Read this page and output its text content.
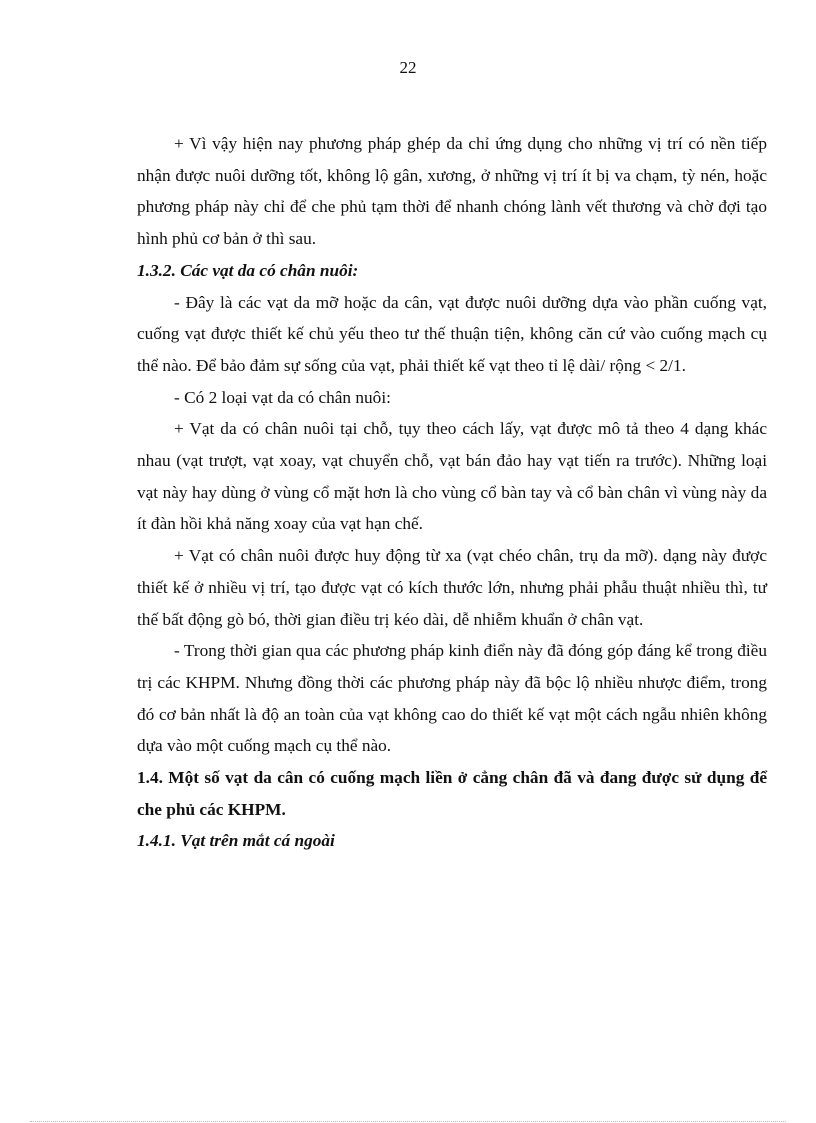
22

+ Vì vậy hiện nay phương pháp ghép da chỉ ứng dụng cho những vị trí có nền tiếp nhận được nuôi dưỡng tốt, không lộ gân, xương, ở những vị trí ít bị va chạm, tỳ nén, hoặc phương pháp này chỉ để che phủ tạm thời để nhanh chóng lành vết thương và chờ đợi tạo hình phủ cơ bản ở thì sau.

1.3.2. Các vạt da có chân nuôi:

- Đây là các vạt da mỡ hoặc da cân, vạt được nuôi dưỡng dựa vào phần cuống vạt, cuống vạt được thiết kế chủ yếu theo tư thế thuận tiện, không căn cứ vào cuống mạch cụ thể nào. Để bảo đảm sự sống của vạt, phải thiết kế vạt theo tỉ lệ dài/ rộng < 2/1.

- Có 2 loại vạt da có chân nuôi:

+ Vạt da có chân nuôi tại chỗ, tụy theo cách lấy, vạt được mô tả theo 4 dạng khác nhau (vạt trượt, vạt xoay, vạt chuyển chỗ, vạt bán đảo hay vạt tiến ra trước). Những loại vạt này hay dùng ở vùng cổ mặt hơn là cho vùng cổ bàn tay và cổ bàn chân vì vùng này da ít đàn hồi khả năng xoay của vạt hạn chế.

+ Vạt có chân nuôi được huy động từ xa (vạt chéo chân, trụ da mỡ). dạng này được thiết kế ở nhiều vị trí, tạo được vạt có kích thước lớn, nhưng phải phẫu thuật nhiều thì, tư thế bất động gò bó, thời gian điều trị kéo dài, dễ nhiễm khuẩn ở chân vạt.

- Trong thời gian qua các phương pháp kinh điển này đã đóng góp đáng kể trong điều trị các KHPM. Nhưng đồng thời các phương pháp này đã bộc lộ nhiều nhược điểm, trong đó cơ bản nhất là độ an toàn của vạt không cao do thiết kế vạt một cách ngẫu nhiên không dựa vào một cuống mạch cụ thể nào.

1.4. Một số vạt da cân có cuống mạch liền ở cẳng chân đã và đang được sử dụng để che phủ các KHPM.
1.4.1. Vạt trên mắt cá ngoài
